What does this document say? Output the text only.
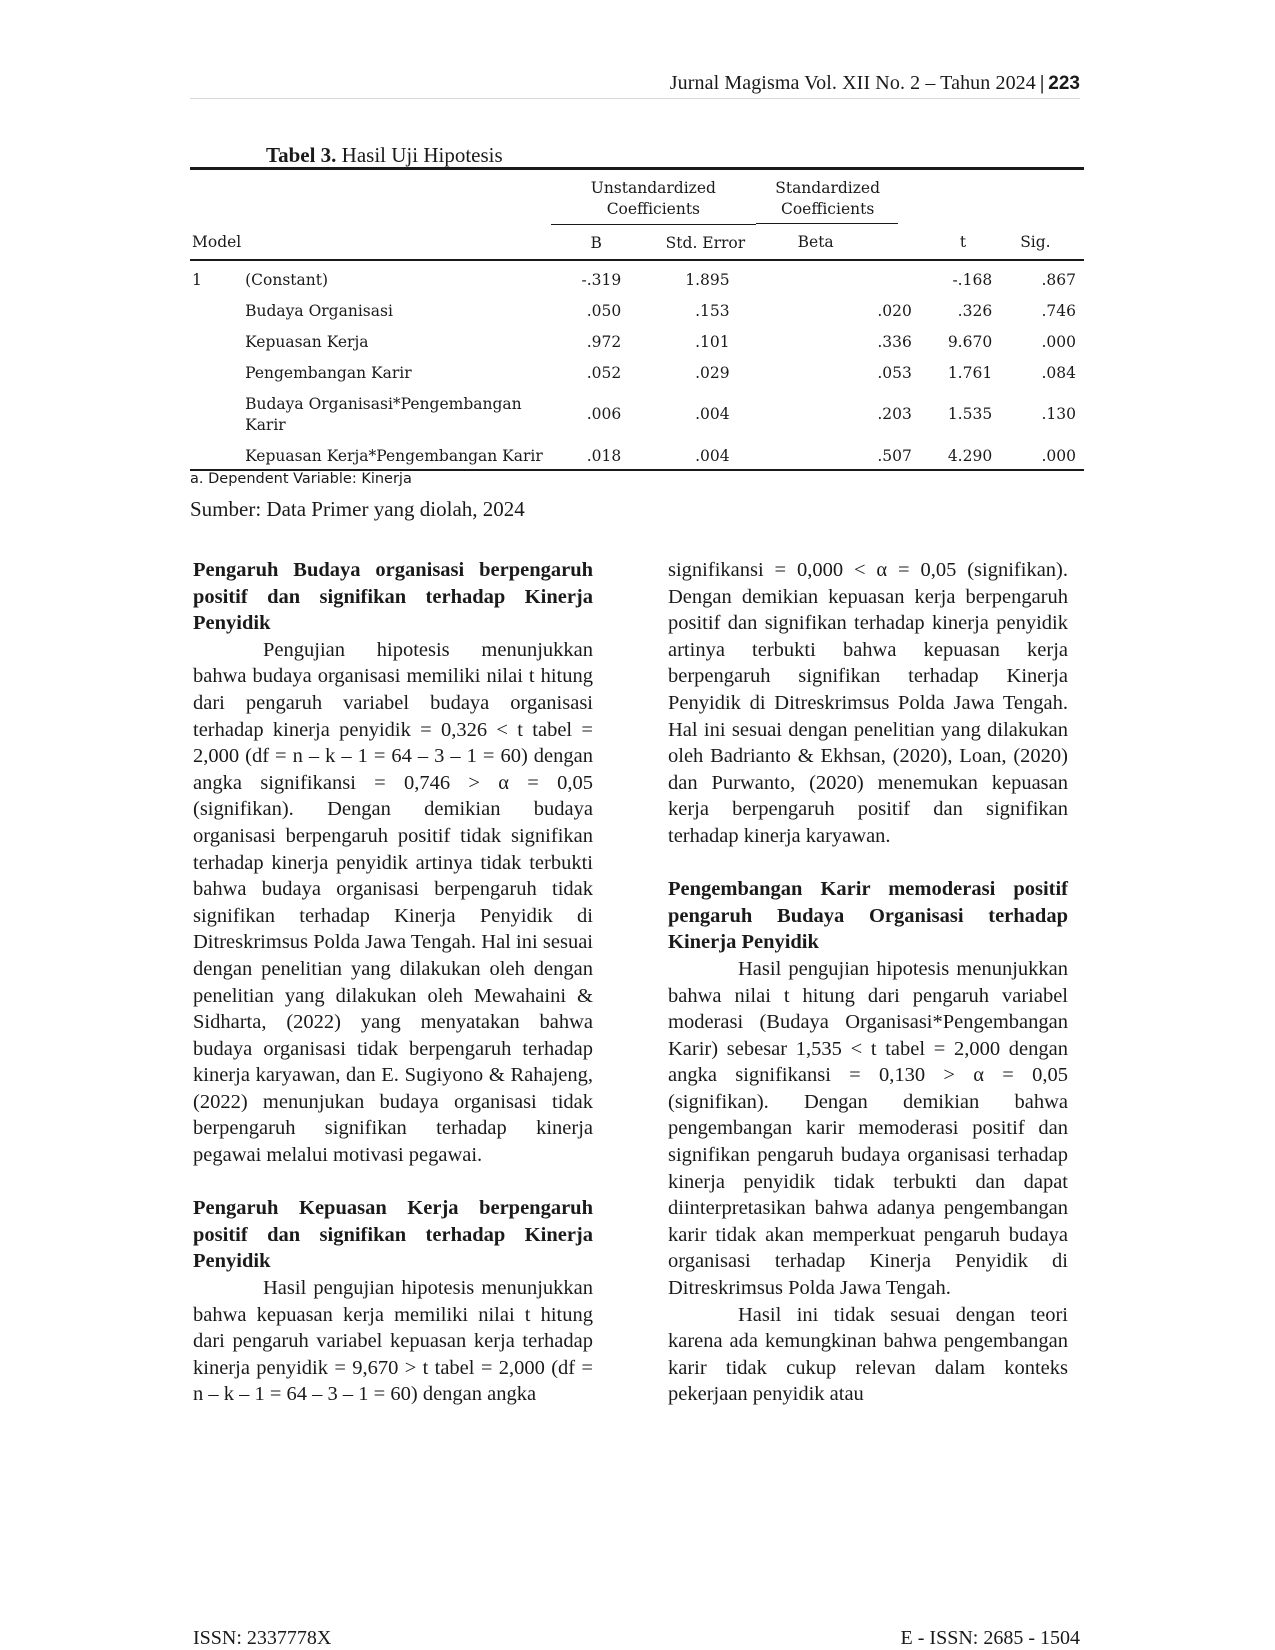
Jurnal Magisma Vol. XII No. 2 – Tahun 2024 | 223
Tabel 3. Hasil Uji Hipotesis

		Unstandardized Coefficients		Standardized Coefficients		

Model		B	Std. Error	Beta	t	Sig.
1	(Constant)	-.319	1.895		-.168	.867
	Budaya Organisasi	.050	.153	.020	.326	.746
	Kepuasan Kerja	.972	.101	.336	9.670	.000
	Pengembangan Karir	.052	.029	.053	1.761	.084
	Budaya Organisasi*Pengembangan Karir	.006	.004	.203	1.535	.130
	Kepuasan Kerja*Pengembangan Karir	.018	.004	.507	4.290	.000
a. Dependent Variable: Kinerja
Sumber: Data Primer yang diolah, 2024
Pengaruh Budaya organisasi berpengaruh positif dan signifikan terhadap Kinerja Penyidik

Pengujian hipotesis menunjukkan bahwa budaya organisasi memiliki nilai t hitung dari pengaruh variabel budaya organisasi terhadap kinerja penyidik = 0,326 < t tabel = 2,000 (df = n – k – 1 = 64 – 3 – 1 = 60) dengan angka signifikansi = 0,746 > α = 0,05 (signifikan). Dengan demikian budaya organisasi berpengaruh positif tidak signifikan terhadap kinerja penyidik artinya tidak terbukti bahwa budaya organisasi berpengaruh tidak signifikan terhadap Kinerja Penyidik di Ditreskrimsus Polda Jawa Tengah. Hal ini sesuai dengan penelitian yang dilakukan oleh dengan penelitian yang dilakukan oleh Mewahaini & Sidharta, (2022) yang menyatakan bahwa budaya organisasi tidak berpengaruh terhadap kinerja karyawan, dan E. Sugiyono & Rahajeng, (2022) menunjukan budaya organisasi tidak berpengaruh signifikan terhadap kinerja pegawai melalui motivasi pegawai.

Pengaruh Kepuasan Kerja berpengaruh positif dan signifikan terhadap Kinerja Penyidik

Hasil pengujian hipotesis menunjukkan bahwa kepuasan kerja memiliki nilai t hitung dari pengaruh variabel kepuasan kerja terhadap kinerja penyidik = 9,670 > t tabel = 2,000 (df = n – k – 1 = 64 – 3 – 1 = 60) dengan angka

signifikansi = 0,000 < α = 0,05 (signifikan). Dengan demikian kepuasan kerja berpengaruh positif dan signifikan terhadap kinerja penyidik artinya terbukti bahwa kepuasan kerja berpengaruh signifikan terhadap Kinerja Penyidik di Ditreskrimsus Polda Jawa Tengah. Hal ini sesuai dengan penelitian yang dilakukan oleh Badrianto & Ekhsan, (2020), Loan, (2020) dan Purwanto, (2020) menemukan kepuasan kerja berpengaruh positif dan signifikan terhadap kinerja karyawan.

Pengembangan Karir memoderasi positif pengaruh Budaya Organisasi terhadap Kinerja Penyidik

Hasil pengujian hipotesis menunjukkan bahwa nilai t hitung dari pengaruh variabel moderasi (Budaya Organisasi*Pengembangan Karir) sebesar 1,535 < t tabel = 2,000 dengan angka signifikansi = 0,130 > α = 0,05 (signifikan). Dengan demikian bahwa pengembangan karir memoderasi positif dan signifikan pengaruh budaya organisasi terhadap kinerja penyidik tidak terbukti dan dapat diinterpretasikan bahwa adanya pengembangan karir tidak akan memperkuat pengaruh budaya organisasi terhadap Kinerja Penyidik di Ditreskrimsus Polda Jawa Tengah.

Hasil ini tidak sesuai dengan teori karena ada kemungkinan bahwa pengembangan karir tidak cukup relevan dalam konteks pekerjaan penyidik atau

ISSN: 2337778X	E - ISSN: 2685 - 1504
